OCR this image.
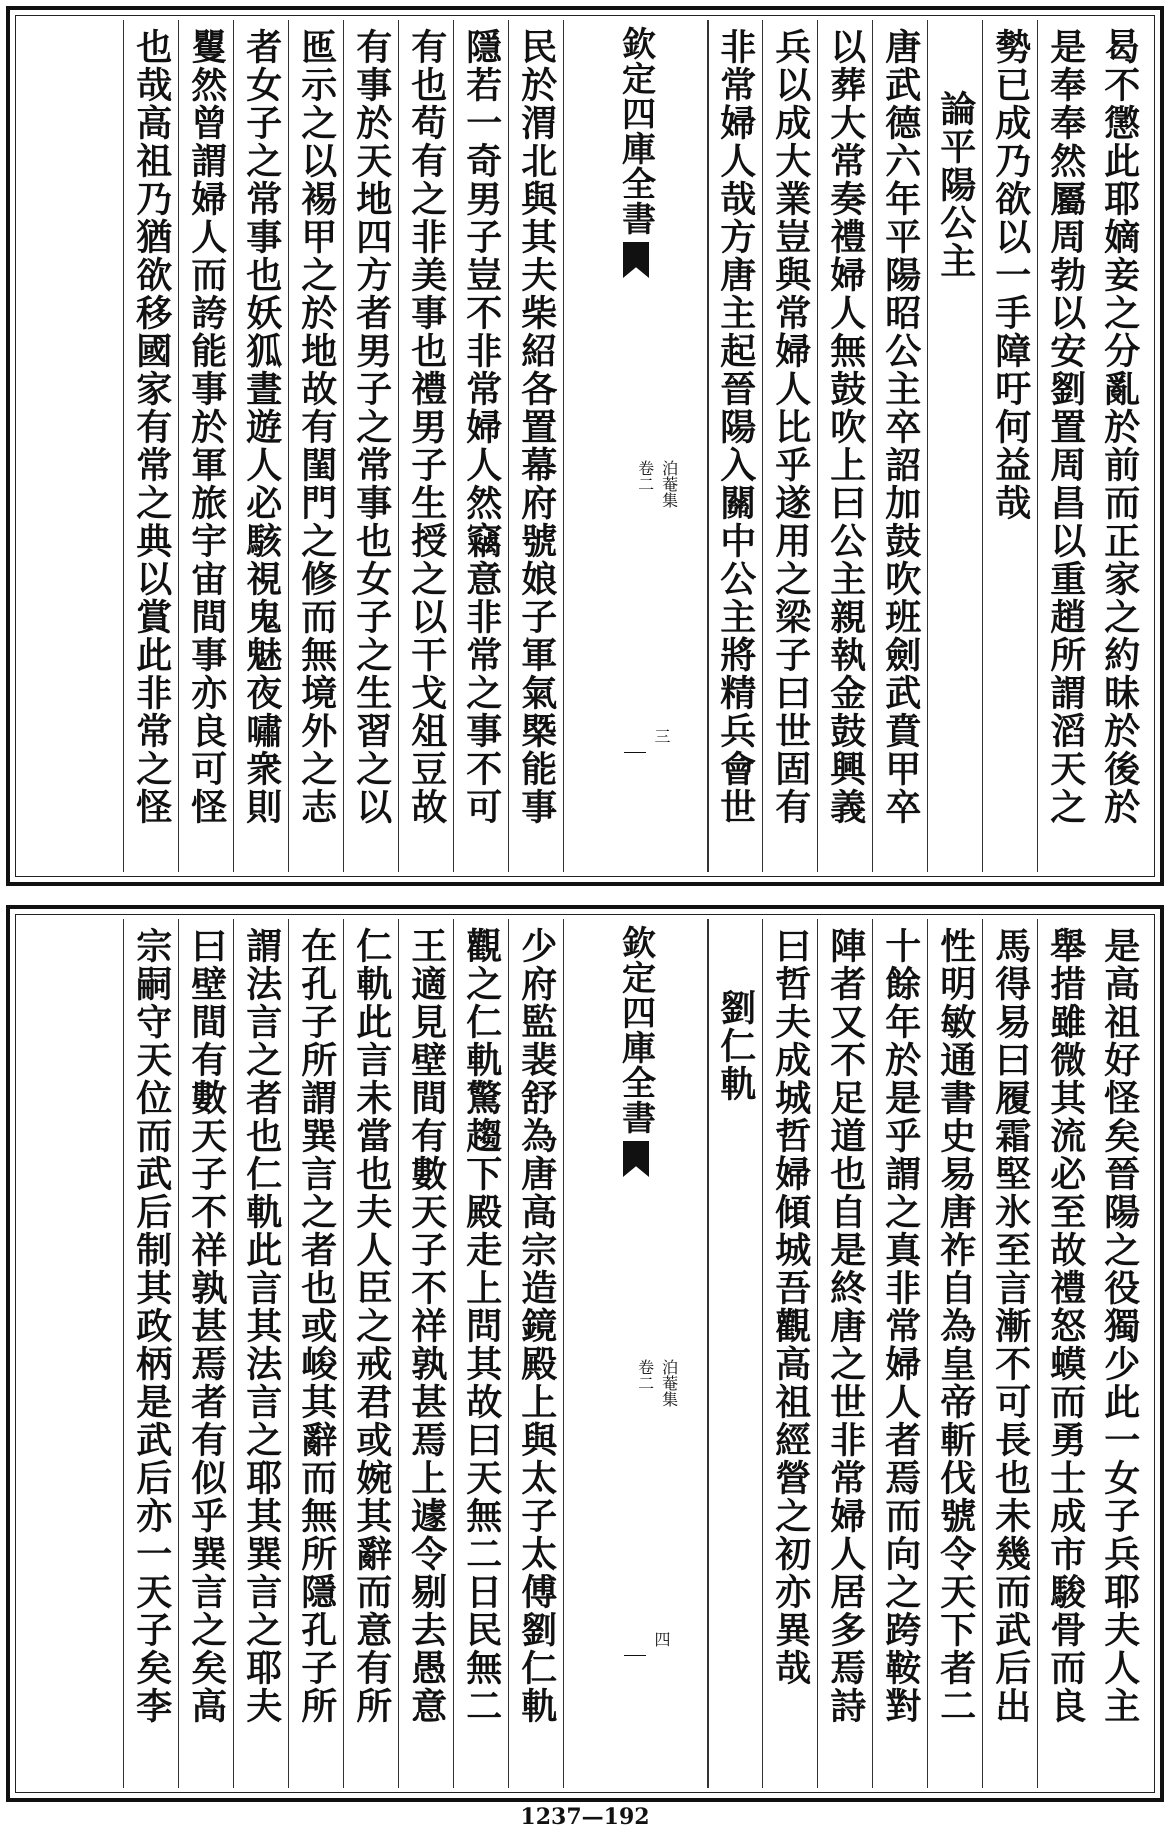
曷不懲此耶嫡妾之分亂於前而正家之約昧於後於
是奉奉然屬周勃以安劉置周昌以重趙所謂滔天之
勢已成乃欲以一手障吁何益哉
論平陽公主
唐武德六年平陽昭公主卒詔加鼓吹班劍武賁甲卒
以葬大常奏禮婦人無鼓吹上曰公主親執金鼓興義
兵以成大業豈與常婦人比乎遂用之梁子曰世固有
非常婦人哉方唐主起晉陽入關中公主將精兵會世
欽定四庫全書
泊菴集
卷二
三
民於渭北與其夫柴紹各置幕府號娘子軍氣槩能事
隱若一奇男子豈不非常婦人然竊意非常之事不可
有也苟有之非美事也禮男子生授之以干戈俎豆故
有事於天地四方者男子之常事也女子之生習之以
匜示之以裼甲之於地故有閨門之修而無境外之志
者女子之常事也妖狐晝遊人必駭視鬼魅夜嘯衆則
矍然曾謂婦人而誇能事於軍旅宇宙間事亦良可怪
也哉高祖乃猶欲移國家有常之典以賞此非常之怪
是高祖好怪矣晉陽之役獨少此一女子兵耶夫人主
舉措雖微其流必至故禮怒蟆而勇士成市駿骨而良
馬得易曰履霜堅氷至言漸不可長也未幾而武后出
性明敏通書史易唐祚自為皇帝斬伐號令天下者二
十餘年於是乎謂之真非常婦人者焉而向之跨鞍對
陣者又不足道也自是終唐之世非常婦人居多焉詩
曰哲夫成城哲婦傾城吾觀高祖經營之初亦異哉
劉仁軌
欽定四庫全書
泊菴集
卷二
四
少府監裴舒為唐高宗造鏡殿上與太子太傅劉仁軌
觀之仁軌驚趨下殿走上問其故曰天無二日民無二
王適見壁間有數天子不祥孰甚焉上遽令剔去愚意
仁軌此言未當也夫人臣之戒君或婉其辭而意有所
在孔子所謂巽言之者也或峻其辭而無所隱孔子所
謂法言之者也仁軌此言其法言之耶其巽言之耶夫
曰壁間有數天子不祥孰甚焉者有似乎巽言之矣高
宗嗣守天位而武后制其政柄是武后亦一天子矣李
1237—192
